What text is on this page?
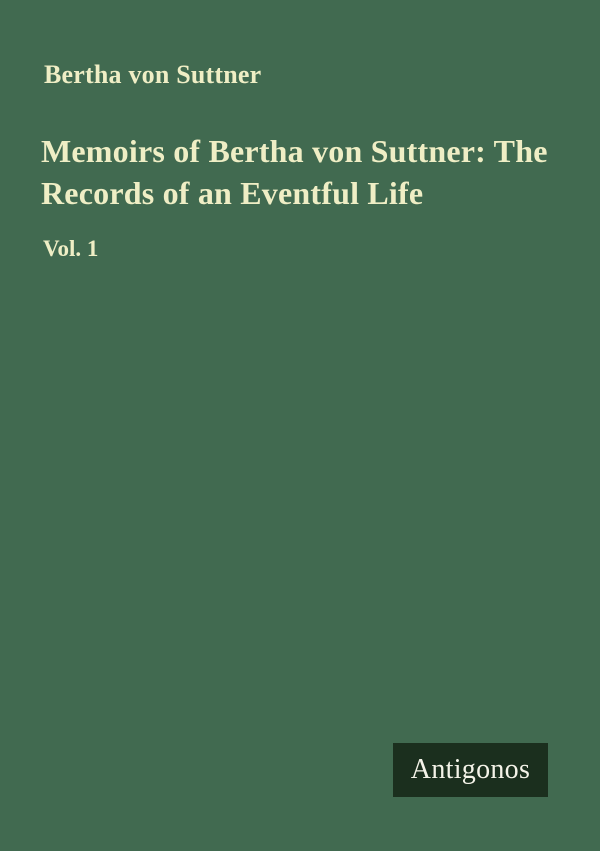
Bertha von Suttner
Memoirs of Bertha von Suttner: The
Records of an Eventful Life
Vol. 1
Antigonos
